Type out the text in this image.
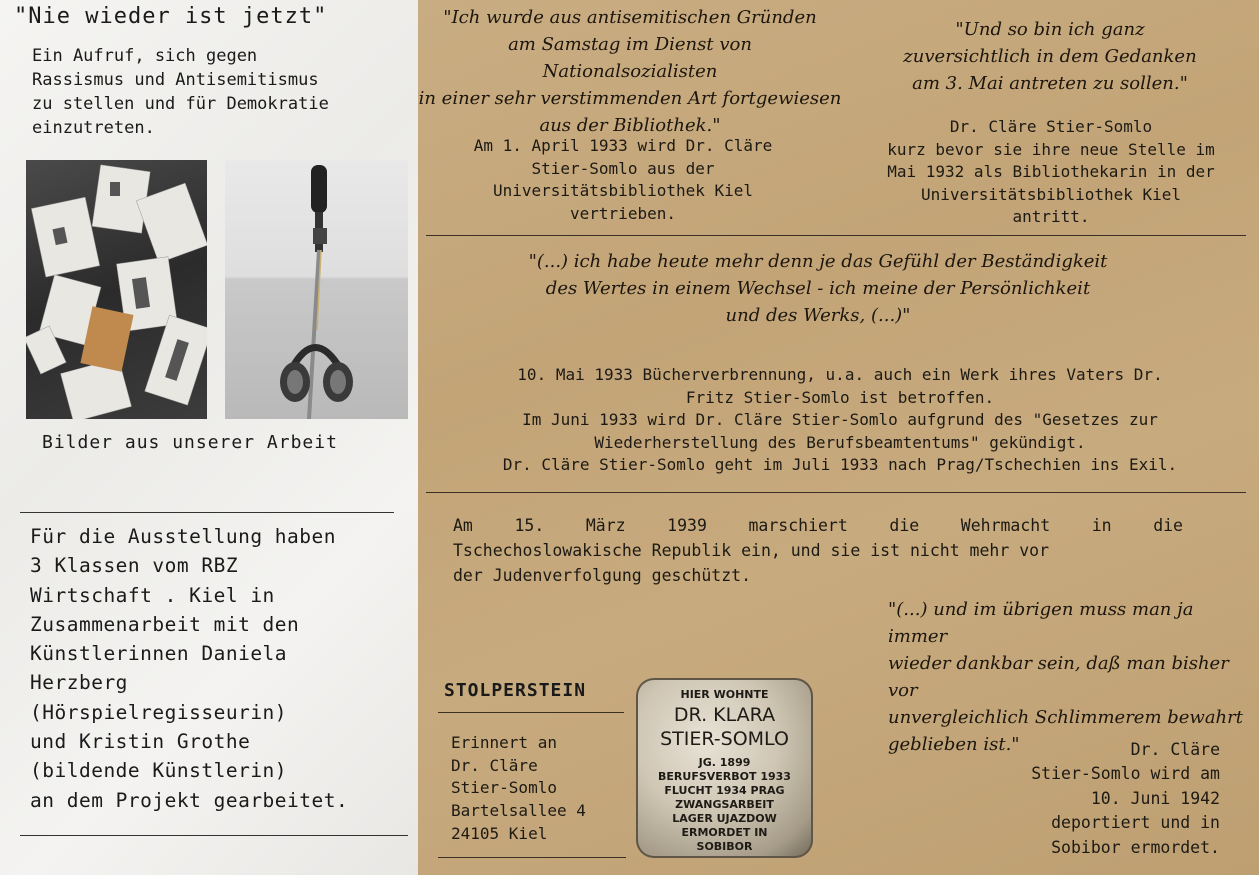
"Nie wieder ist jetzt"
Ein Aufruf, sich gegen
Rassismus und Antisemitismus
zu stellen und für Demokratie
einzutreten.
Bilder aus unserer Arbeit
Für die Ausstellung haben
3 Klassen vom RBZ
Wirtschaft . Kiel in
Zusammenarbeit mit den
Künstlerinnen Daniela
Herzberg
(Hörspielregisseurin)
und Kristin Grothe
(bildende Künstlerin)
an dem Projekt gearbeitet.
"Ich wurde aus antisemitischen Gründen
am Samstag im Dienst von Nationalsozialisten
in einer sehr verstimmenden Art fortgewiesen
aus der Bibliothek."
Am 1. April 1933 wird Dr. Cläre
Stier-Somlo aus der
Universitätsbibliothek Kiel
vertrieben.
"Und so bin ich ganz
zuversichtlich in dem Gedanken
am 3. Mai antreten zu sollen."
Dr. Cläre Stier-Somlo
kurz bevor sie ihre neue Stelle im
Mai 1932 als Bibliothekarin in der
Universitätsbibliothek Kiel
antritt.
"(...) ich habe heute mehr denn je das Gefühl der Beständigkeit
des Wertes in einem Wechsel - ich meine der Persönlichkeit
und des Werks, (...)"
10. Mai 1933 Bücherverbrennung, u.a. auch ein Werk ihres Vaters Dr.
Fritz Stier-Somlo ist betroffen.
Im Juni 1933 wird Dr. Cläre Stier-Somlo aufgrund des "Gesetzes zur
Wiederherstellung des Berufsbeamtentums" gekündigt.
Dr. Cläre Stier-Somlo geht im Juli 1933 nach Prag/Tschechien ins Exil.
Am 15. März 1939 marschiert die Wehrmacht in die
Tschechoslowakische Republik ein, und sie ist nicht mehr vor
der Judenverfolgung geschützt.
"(...) und im übrigen muss man ja immer
wieder dankbar sein, daß man bisher vor
unvergleichlich Schlimmerem bewahrt
geblieben ist."
STOLPERSTEIN
Erinnert an
Dr. Cläre
Stier-Somlo
Bartelsallee 4
24105 Kiel
Dr. Cläre
Stier-Somlo wird am
10. Juni 1942
deportiert und in
Sobibor ermordet.
HIER WOHNTE
DR. KLARA
STIER-SOMLO
JG. 1899
BERUFSVERBOT 1933
FLUCHT 1934 PRAG
ZWANGSARBEIT
LAGER UJAZDOW
ERMORDET IN
SOBIBOR
